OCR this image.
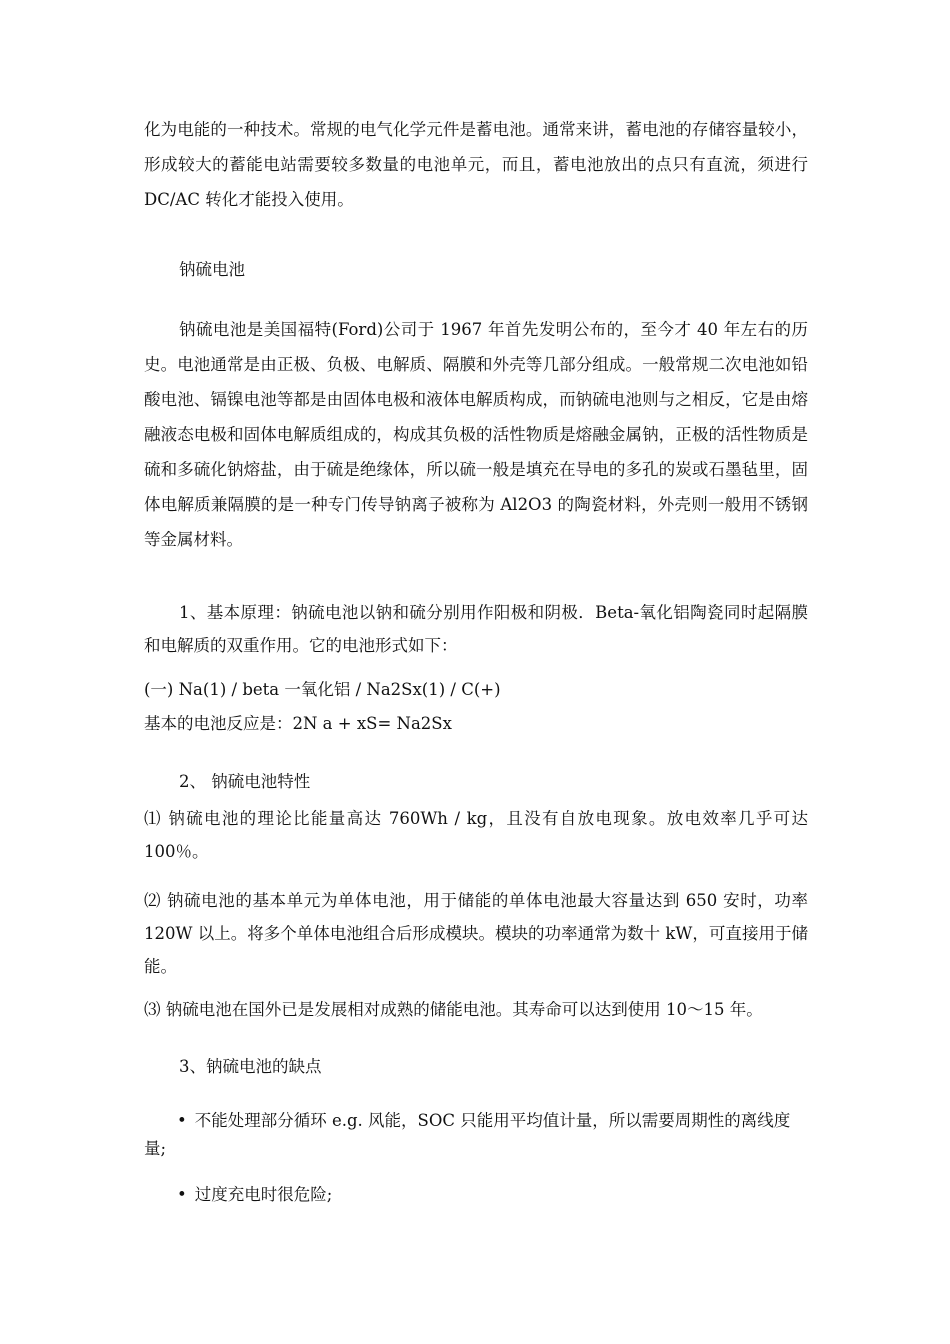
化为电能的一种技术。常规的电气化学元件是蓄电池。通常来讲，蓄电池的存储容量较小，形成较大的蓄能电站需要较多数量的电池单元，而且，蓄电池放出的点只有直流，须进行 DC/AC 转化才能投入使用。

钠硫电池

钠硫电池是美国福特(Ford)公司于 1967 年首先发明公布的，至今才 40 年左右的历史。电池通常是由正极、负极、电解质、隔膜和外壳等几部分组成。一般常规二次电池如铅酸电池、镉镍电池等都是由固体电极和液体电解质构成，而钠硫电池则与之相反，它是由熔融液态电极和固体电解质组成的，构成其负极的活性物质是熔融金属钠，正极的活性物质是硫和多硫化钠熔盐，由于硫是绝缘体，所以硫一般是填充在导电的多孔的炭或石墨毡里，固体电解质兼隔膜的是一种专门传导钠离子被称为 Al2O3 的陶瓷材料，外壳则一般用不锈钢等金属材料。

1、基本原理：钠硫电池以钠和硫分别用作阳极和阴极．Beta-氧化铝陶瓷同时起隔膜和电解质的双重作用。它的电池形式如下：

(一) Na(1) / beta 一氧化铝 / Na2Sx(1) / C(+)

基本的电池反应是：2N a + xS= Na2Sx

2、 钠硫电池特性

⑴ 钠硫电池的理论比能量高达 760Wh / kg，且没有自放电现象。放电效率几乎可达 100％。

⑵ 钠硫电池的基本单元为单体电池，用于储能的单体电池最大容量达到 650 安时，功率 120W 以上。将多个单体电池组合后形成模块。模块的功率通常为数十 kW，可直接用于储能。

⑶ 钠硫电池在国外已是发展相对成熟的储能电池。其寿命可以达到使用 10～15 年。

3、钠硫电池的缺点

• 不能处理部分循环 e.g. 风能，SOC 只能用平均值计量，所以需要周期性的离线度量;

• 过度充电时很危险;
